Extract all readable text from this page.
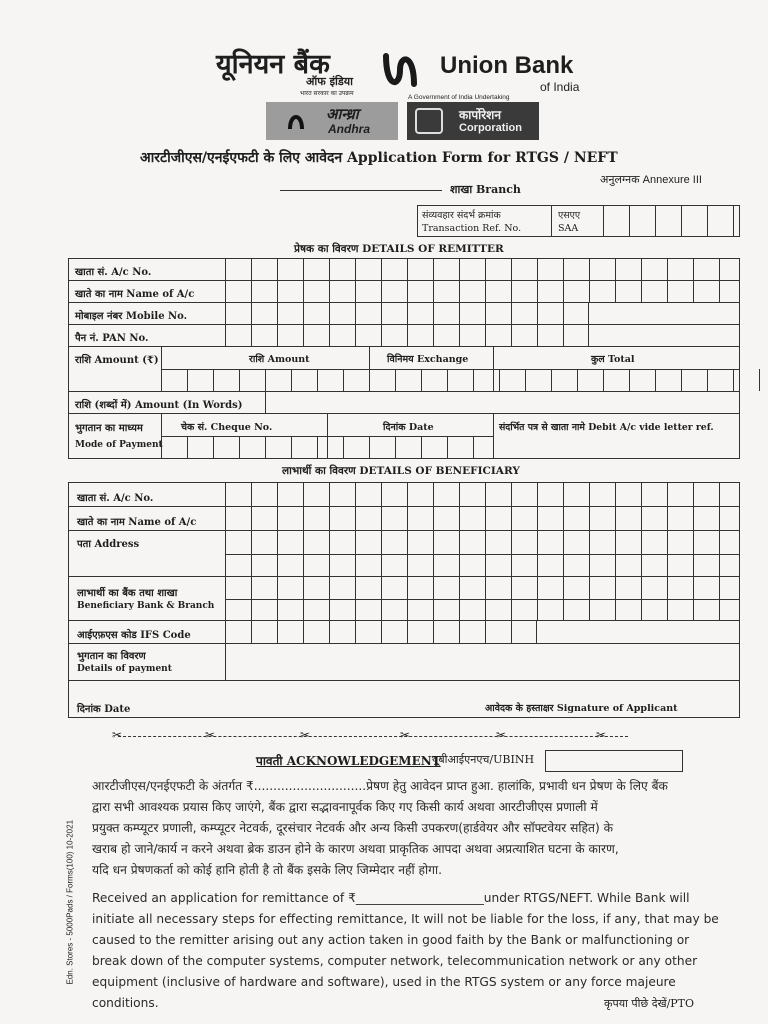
यूनियन बैंक
ऑफ इंडिया
भारत सरकार का उपक्रम
Union Bank
of India
A Government of India Undertaking
आन्ध्रा
Andhra
कार्पोरेशन
Corporation
आरटीजीएस/एनईएफटी के लिए आवेदन Application Form for RTGS / NEFT
शाखा Branch
अनुलग्नक Annexure III
संव्यवहार संदर्भ क्रमांक
Transaction Ref. No.
एसएए
SAA
प्रेषक का विवरण DETAILS OF REMITTER
खाता सं. A/c No.
खाते का नाम Name of A/c
मोबाइल नंबर Mobile No.
पैन नं. PAN No.
राशि Amount (₹)	राशि Amount	विनिमय Exchange	कुल Total
राशि (शब्दों में) Amount (In Words)
भुगतान का माध्यम
Mode of Payment
चेक सं. Cheque No.	दिनांक Date	संदर्भित पत्र से खाता नामे Debit A/c vide letter ref.
लाभार्थी का विवरण DETAILS OF BENEFICIARY
खाता सं. A/c No.
खाते का नाम Name of A/c
पता Address
लाभार्थी का बैंक तथा शाखा
Beneficiary Bank & Branch
आईएफ़एस कोड IFS Code
भुगतान का विवरण
Details of payment
दिनांक Date	आवेदक के हस्ताक्षर Signature of Applicant
✂	✂	✂	✂	✂	✂
पावती ACKNOWLEDGEMENT
यूबीआईएनएच/UBINH
आरटीजीएस/एनईएफटी के अंतर्गत ₹.............................प्रेषण हेतु आवेदन प्राप्त हुआ. हालांकि, प्रभावी धन प्रेषण के लिए बैंक
द्वारा सभी आवश्यक प्रयास किए जाएंगे, बैंक द्वारा सद्भावनापूर्वक किए गए किसी कार्य अथवा आरटीजीएस प्रणाली में
प्रयुक्त कम्प्यूटर प्रणाली, कम्प्यूटर नेटवर्क, दूरसंचार नेटवर्क और अन्य किसी उपकरण(हार्डवेयर और सॉफ्टवेयर सहित) के
खराब हो जाने/कार्य न करने अथवा ब्रेक डाउन होने के कारण अथवा प्राकृतिक आपदा अथवा अप्रत्याशित घटना के कारण,
यदि धन प्रेषणकर्ता को कोई हानि होती है तो बैंक इसके लिए जिम्मेदार नहीं होगा.
Received an application for remittance of ₹_____________________under RTGS/NEFT. While Bank will
initiate all necessary steps for effecting remittance, It will not be liable for the loss, if any, that may be
caused to the remitter arising out any action taken in good faith by the Bank or malfunctioning or
break down of the computer systems, computer network, telecommunication network or any other
equipment (inclusive of hardware and software), used in the RTGS system or any force majeure
conditions.
Edn. Stores - 5000Pads / Forms(100) 10-2021
कृपया पीछे देखें/PTO
